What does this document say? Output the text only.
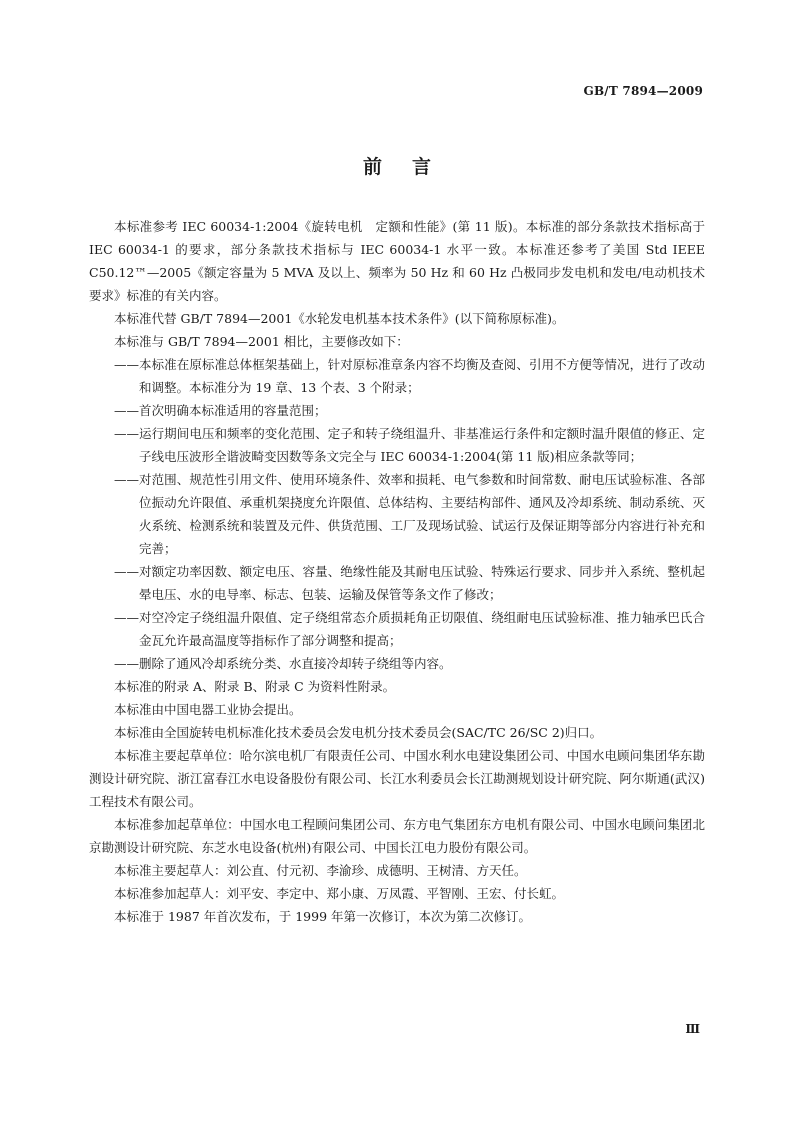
GB/T 7894—2009
前言

本标准参考 IEC 60034-1:2004《旋转电机　定额和性能》(第 11 版)。本标准的部分条款技术指标高于IEC 60034-1 的要求，部分条款技术指标与 IEC 60034-1 水平一致。本标准还参考了美国 Std IEEE C50.12™—2005《额定容量为 5 MVA 及以上、频率为 50 Hz 和 60 Hz 凸极同步发电机和发电/电动机技术要求》标准的有关内容。

本标准代替 GB/T 7894—2001《水轮发电机基本技术条件》(以下简称原标准)。

本标准与 GB/T 7894—2001 相比，主要修改如下：

—— 本标准在原标准总体框架基础上，针对原标准章条内容不均衡及查阅、引用不方便等情况，进行了改动和调整。本标准分为 19 章、13 个表、3 个附录；
—— 首次明确本标准适用的容量范围；
—— 运行期间电压和频率的变化范围、定子和转子绕组温升、非基准运行条件和定额时温升限值的修正、定子线电压波形全谐波畸变因数等条文完全与 IEC 60034-1:2004(第 11 版)相应条款等同；
—— 对范围、规范性引用文件、使用环境条件、效率和损耗、电气参数和时间常数、耐电压试验标准、各部位振动允许限值、承重机架挠度允许限值、总体结构、主要结构部件、通风及冷却系统、制动系统、灭火系统、检测系统和装置及元件、供货范围、工厂及现场试验、试运行及保证期等部分内容进行补充和完善；
—— 对额定功率因数、额定电压、容量、绝缘性能及其耐电压试验、特殊运行要求、同步并入系统、整机起晕电压、水的电导率、标志、包装、运输及保管等条文作了修改；
—— 对空冷定子绕组温升限值、定子绕组常态介质损耗角正切限值、绕组耐电压试验标准、推力轴承巴氏合金瓦允许最高温度等指标作了部分调整和提高；
—— 删除了通风冷却系统分类、水直接冷却转子绕组等内容。

本标准的附录 A、附录 B、附录 C 为资料性附录。

本标准由中国电器工业协会提出。

本标准由全国旋转电机标准化技术委员会发电机分技术委员会(SAC/TC 26/SC 2)归口。

本标准主要起草单位：哈尔滨电机厂有限责任公司、中国水利水电建设集团公司、中国水电顾问集团华东勘测设计研究院、浙江富春江水电设备股份有限公司、长江水利委员会长江勘测规划设计研究院、阿尔斯通(武汉)工程技术有限公司。

本标准参加起草单位：中国水电工程顾问集团公司、东方电气集团东方电机有限公司、中国水电顾问集团北京勘测设计研究院、东芝水电设备(杭州)有限公司、中国长江电力股份有限公司。

本标准主要起草人：刘公直、付元初、李渝珍、成德明、王树清、方天任。

本标准参加起草人：刘平安、李定中、郑小康、万凤霞、平智刚、王宏、付长虹。

本标准于 1987 年首次发布，于 1999 年第一次修订，本次为第二次修订。

Ⅲ
